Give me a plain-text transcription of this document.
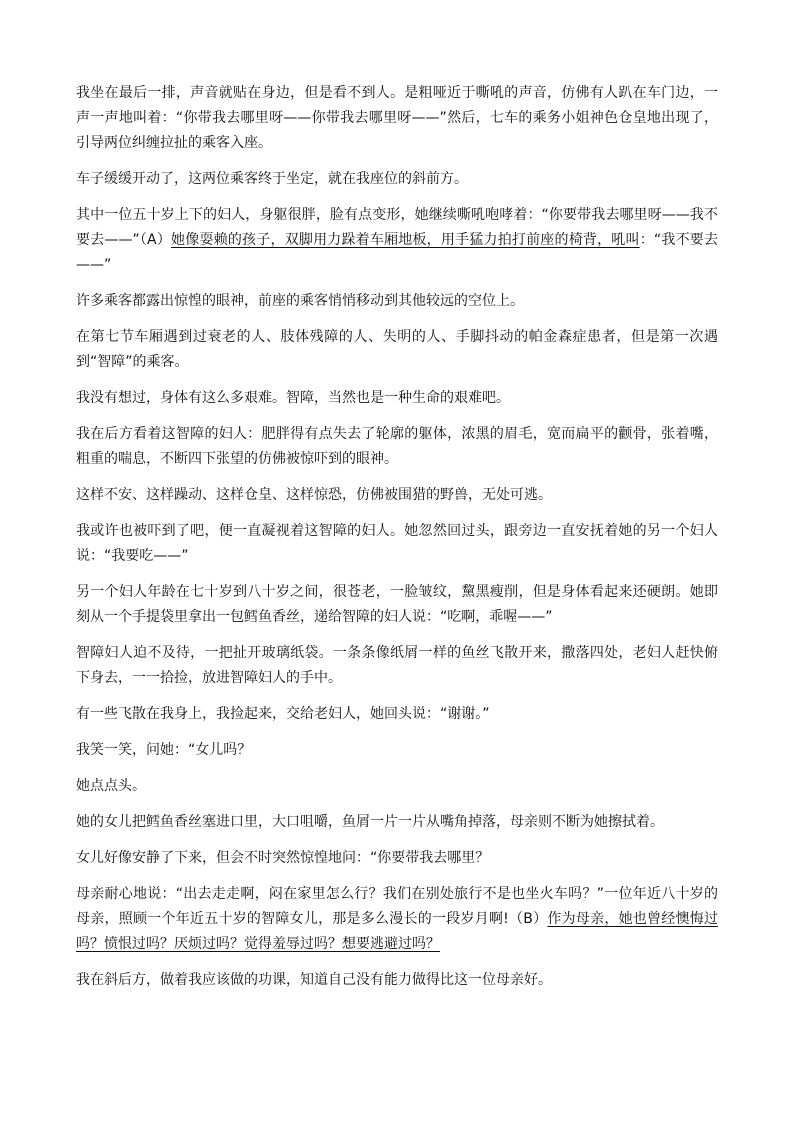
我坐在最后一排，声音就贴在身边，但是看不到人。是粗哑近于嘶吼的声音，仿佛有人趴在车门边，一声一声地叫着：“你带我去哪里呀——你带我去哪里呀——”然后，七车的乘务小姐神色仓皇地出现了，引导两位纠缠拉扯的乘客入座。

车子缓缓开动了，这两位乘客终于坐定，就在我座位的斜前方。

其中一位五十岁上下的妇人，身躯很胖，脸有点变形，她继续嘶吼咆哮着：“你要带我去哪里呀——我不要去——”（A）她像耍赖的孩子，双脚用力跺着车厢地板，用手猛力拍打前座的椅背，吼叫：“我不要去——”

许多乘客都露出惊惶的眼神，前座的乘客悄悄移动到其他较远的空位上。

在第七节车厢遇到过衰老的人、肢体残障的人、失明的人、手脚抖动的帕金森症患者，但是第一次遇到“智障”的乘客。

我没有想过，身体有这么多艰难。智障，当然也是一种生命的艰难吧。

我在后方看着这智障的妇人：肥胖得有点失去了轮廓的躯体，浓黑的眉毛，宽而扁平的颧骨，张着嘴，粗重的喘息，不断四下张望的仿佛被惊吓到的眼神。

这样不安、这样躁动、这样仓皇、这样惊恐，仿佛被围猎的野兽，无处可逃。

我或许也被吓到了吧，便一直凝视着这智障的妇人。她忽然回过头，跟旁边一直安抚着她的另一个妇人说：“我要吃——”

另一个妇人年龄在七十岁到八十岁之间，很苍老，一脸皱纹，黧黑瘦削，但是身体看起来还硬朗。她即刻从一个手提袋里拿出一包鳕鱼香丝，递给智障的妇人说：“吃啊，乖喔——”

智障妇人迫不及待，一把扯开玻璃纸袋。一条条像纸屑一样的鱼丝飞散开来，撒落四处，老妇人赶快俯下身去，一一拾捡，放进智障妇人的手中。

有一些飞散在我身上，我捡起来，交给老妇人，她回头说：“谢谢。”

我笑一笑，问她：“女儿吗？

她点点头。

她的女儿把鳕鱼香丝塞进口里，大口咀嚼，鱼屑一片一片从嘴角掉落，母亲则不断为她擦拭着。

女儿好像安静了下来，但会不时突然惊惶地问：“你要带我去哪里？

母亲耐心地说：“出去走走啊，闷在家里怎么行？我们在别处旅行不是也坐火车吗？”一位年近八十岁的母亲，照顾一个年近五十岁的智障女儿，那是多么漫长的一段岁月啊!（B）作为母亲，她也曾经懊悔过吗？愤恨过吗？厌烦过吗？觉得羞辱过吗？想要逃避过吗？

我在斜后方，做着我应该做的功课，知道自己没有能力做得比这一位母亲好。
